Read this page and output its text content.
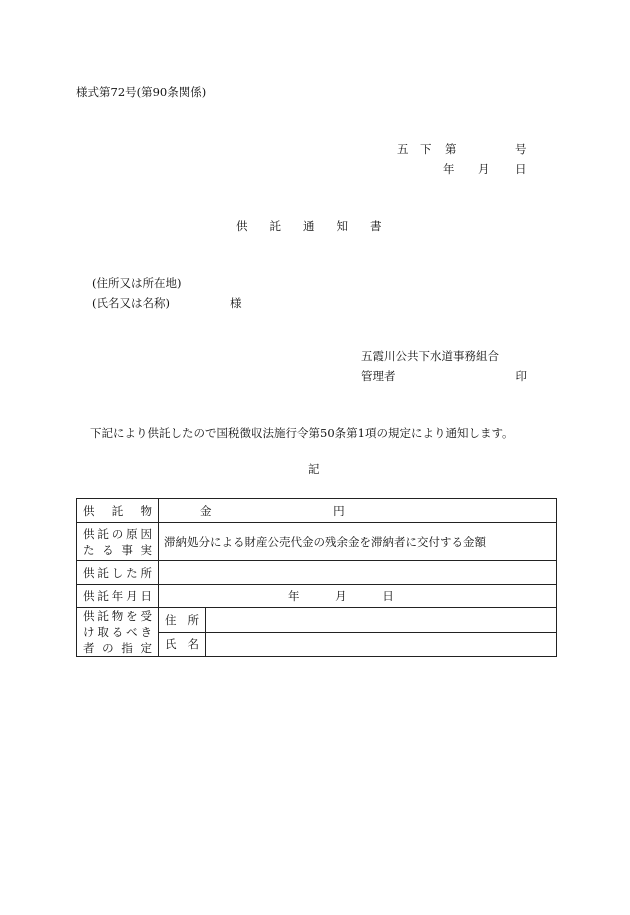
様式第72号(第90条関係)
五　下 第	号
年 月 日
供託通知書
(住所又は所在地)
(氏名又は名称)	様
五霞川公共下水道事務組合
管理者	印
下記により供託したので国税徴収法施行令第50条第1項の規定により通知します。
記
供託物	金 円	

供託の原因
たる事実	滞納処分による財産公売代金の残余金を滞納者に交付する金額	
供託した所		
供託年月日	年 月 日	

供託物を受
け取るべき
者の指定	住所	
	氏名	
